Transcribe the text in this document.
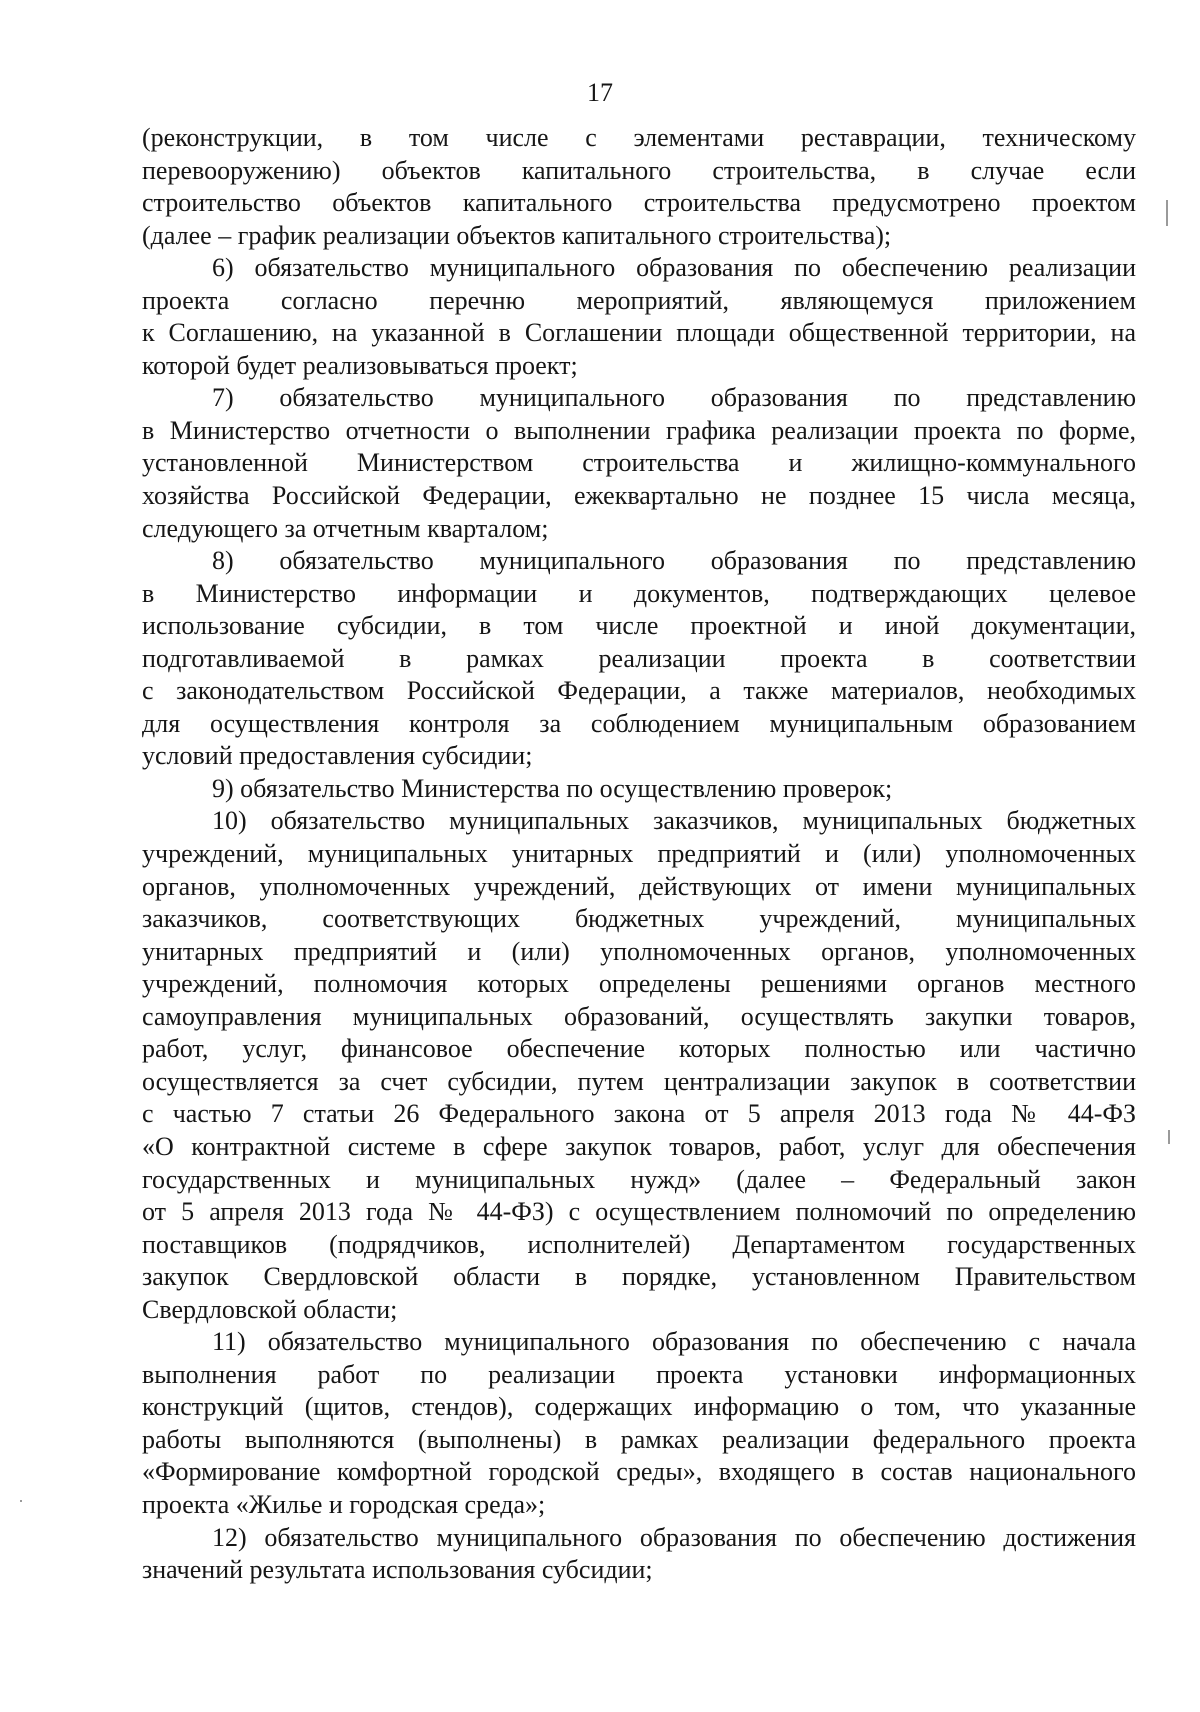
17
(реконструкции, в том числе с элементами реставрации, техническому
перевооружению) объектов капитального строительства, в случае если
строительство объектов капитального строительства предусмотрено проектом
(далее – график реализации объектов капитального строительства);
6) обязательство муниципального образования по обеспечению реализации
проекта согласно перечню мероприятий, являющемуся приложением
к Соглашению, на указанной в Соглашении площади общественной территории, на
которой будет реализовываться проект;
7) обязательство муниципального образования по представлению
в Министерство отчетности о выполнении графика реализации проекта по форме,
установленной Министерством строительства и жилищно-коммунального
хозяйства Российской Федерации, ежеквартально не позднее 15 числа месяца,
следующего за отчетным кварталом;
8) обязательство муниципального образования по представлению
в Министерство информации и документов, подтверждающих целевое
использование субсидии, в том числе проектной и иной документации,
подготавливаемой в рамках реализации проекта в соответствии
с законодательством Российской Федерации, а также материалов, необходимых
для осуществления контроля за соблюдением муниципальным образованием
условий предоставления субсидии;
9) обязательство Министерства по осуществлению проверок;
10) обязательство муниципальных заказчиков, муниципальных бюджетных
учреждений, муниципальных унитарных предприятий и (или) уполномоченных
органов, уполномоченных учреждений, действующих от имени муниципальных
заказчиков, соответствующих бюджетных учреждений, муниципальных
унитарных предприятий и (или) уполномоченных органов, уполномоченных
учреждений, полномочия которых определены решениями органов местного
самоуправления муниципальных образований, осуществлять закупки товаров,
работ, услуг, финансовое обеспечение которых полностью или частично
осуществляется за счет субсидии, путем централизации закупок в соответствии
с частью 7 статьи 26 Федерального закона от 5 апреля 2013 года № 44-ФЗ
«О контрактной системе в сфере закупок товаров, работ, услуг для обеспечения
государственных и муниципальных нужд» (далее – Федеральный закон
от 5 апреля 2013 года № 44-ФЗ) с осуществлением полномочий по определению
поставщиков (подрядчиков, исполнителей) Департаментом государственных
закупок Свердловской области в порядке, установленном Правительством
Свердловской области;
11) обязательство муниципального образования по обеспечению с начала
выполнения работ по реализации проекта установки информационных
конструкций (щитов, стендов), содержащих информацию о том, что указанные
работы выполняются (выполнены) в рамках реализации федерального проекта
«Формирование комфортной городской среды», входящего в состав национального
проекта «Жилье и городская среда»;
12) обязательство муниципального образования по обеспечению достижения
значений результата использования субсидии;
